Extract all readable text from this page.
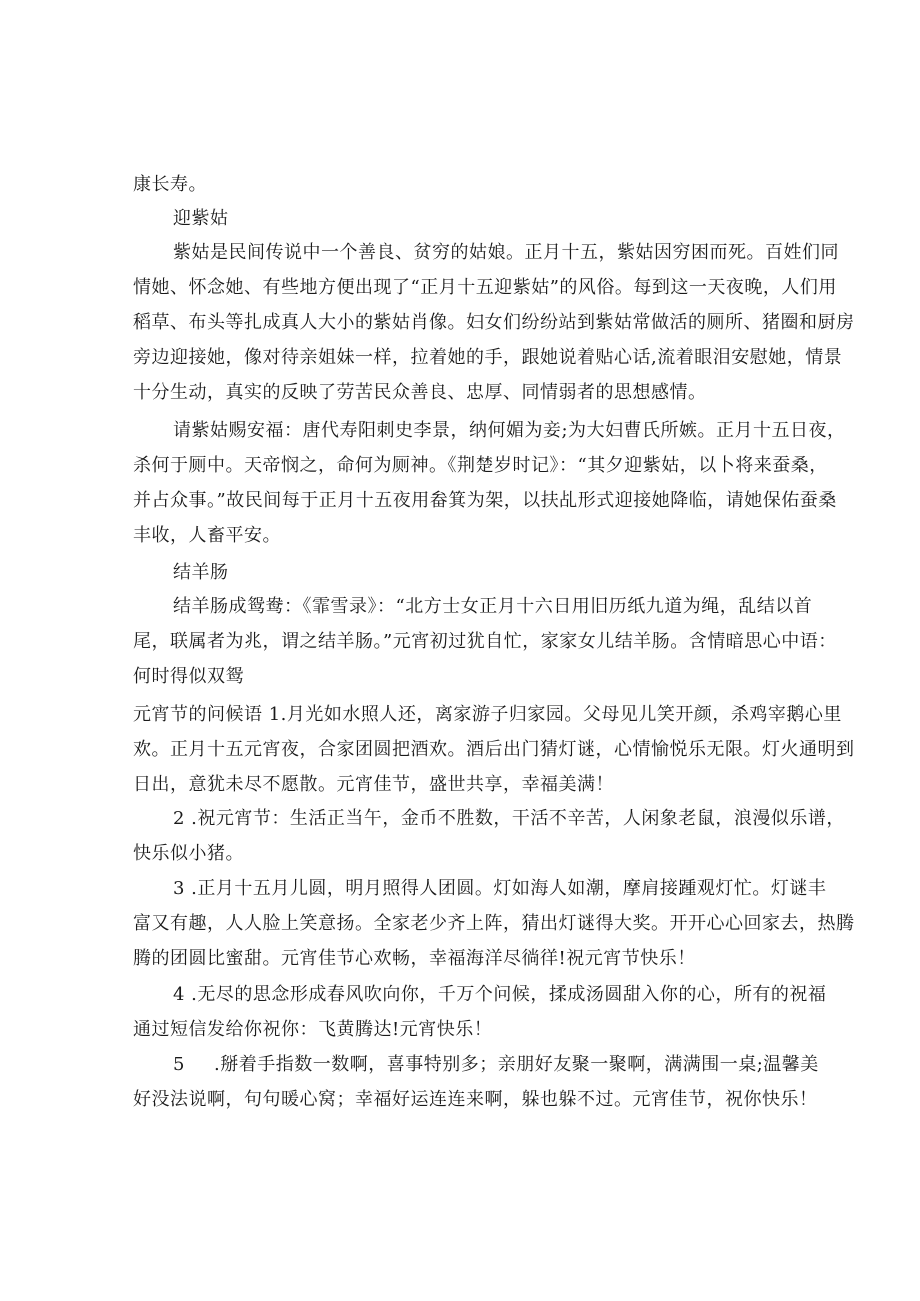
康长寿。

迎紫姑

紫姑是民间传说中一个善良、贫穷的姑娘。正月十五，紫姑因穷困而死。百姓们同
情她、怀念她、有些地方便出现了“正月十五迎紫姑”的风俗。每到这一天夜晚，人们用
稻草、布头等扎成真人大小的紫姑肖像。妇女们纷纷站到紫姑常做活的厕所、猪圈和厨房
旁边迎接她，像对待亲姐妹一样，拉着她的手，跟她说着贴心话,流着眼泪安慰她，情景
十分生动，真实的反映了劳苦民众善良、忠厚、同情弱者的思想感情。

请紫姑赐安福：唐代寿阳刺史李景，纳何媚为妾;为大妇曹氏所嫉。正月十五日夜，
杀何于厕中。天帝悯之，命何为厕神。《荆楚岁时记》：“其夕迎紫姑，以卜将来蚕桑，
并占众事。”故民间每于正月十五夜用畚箕为架，以扶乩形式迎接她降临，请她保佑蚕桑
丰收，人畜平安。

结羊肠

结羊肠成鸳鸯：《霏雪录》：“北方士女正月十六日用旧历纸九道为绳，乱结以首
尾，联属者为兆，谓之结羊肠。”元宵初过犹自忙，家家女儿结羊肠。含情暗思心中语：
何时得似双鸳

元宵节的问候语 1.月光如水照人还，离家游子归家园。父母见儿笑开颜，杀鸡宰鹅心里
欢。正月十五元宵夜，合家团圆把酒欢。酒后出门猜灯谜，心情愉悦乐无限。灯火通明到
日出，意犹未尽不愿散。元宵佳节，盛世共享，幸福美满！

2 .祝元宵节：生活正当午，金币不胜数，干活不辛苦，人闲象老鼠，浪漫似乐谱，
快乐似小猪。

3 .正月十五月儿圆，明月照得人团圆。灯如海人如潮，摩肩接踵观灯忙。灯谜丰
富又有趣，人人脸上笑意扬。全家老少齐上阵，猜出灯谜得大奖。开开心心回家去，热腾
腾的团圆比蜜甜。元宵佳节心欢畅，幸福海洋尽徜徉!祝元宵节快乐！

4 .无尽的思念形成春风吹向你，千万个问候，揉成汤圆甜入你的心，所有的祝福
通过短信发给你祝你：飞黄腾达!元宵快乐！

5	.掰着手指数一数啊，喜事特别多；亲朋好友聚一聚啊，满满围一桌;温馨美
好没法说啊，句句暖心窝；幸福好运连连来啊，躲也躲不过。元宵佳节，祝你快乐！
